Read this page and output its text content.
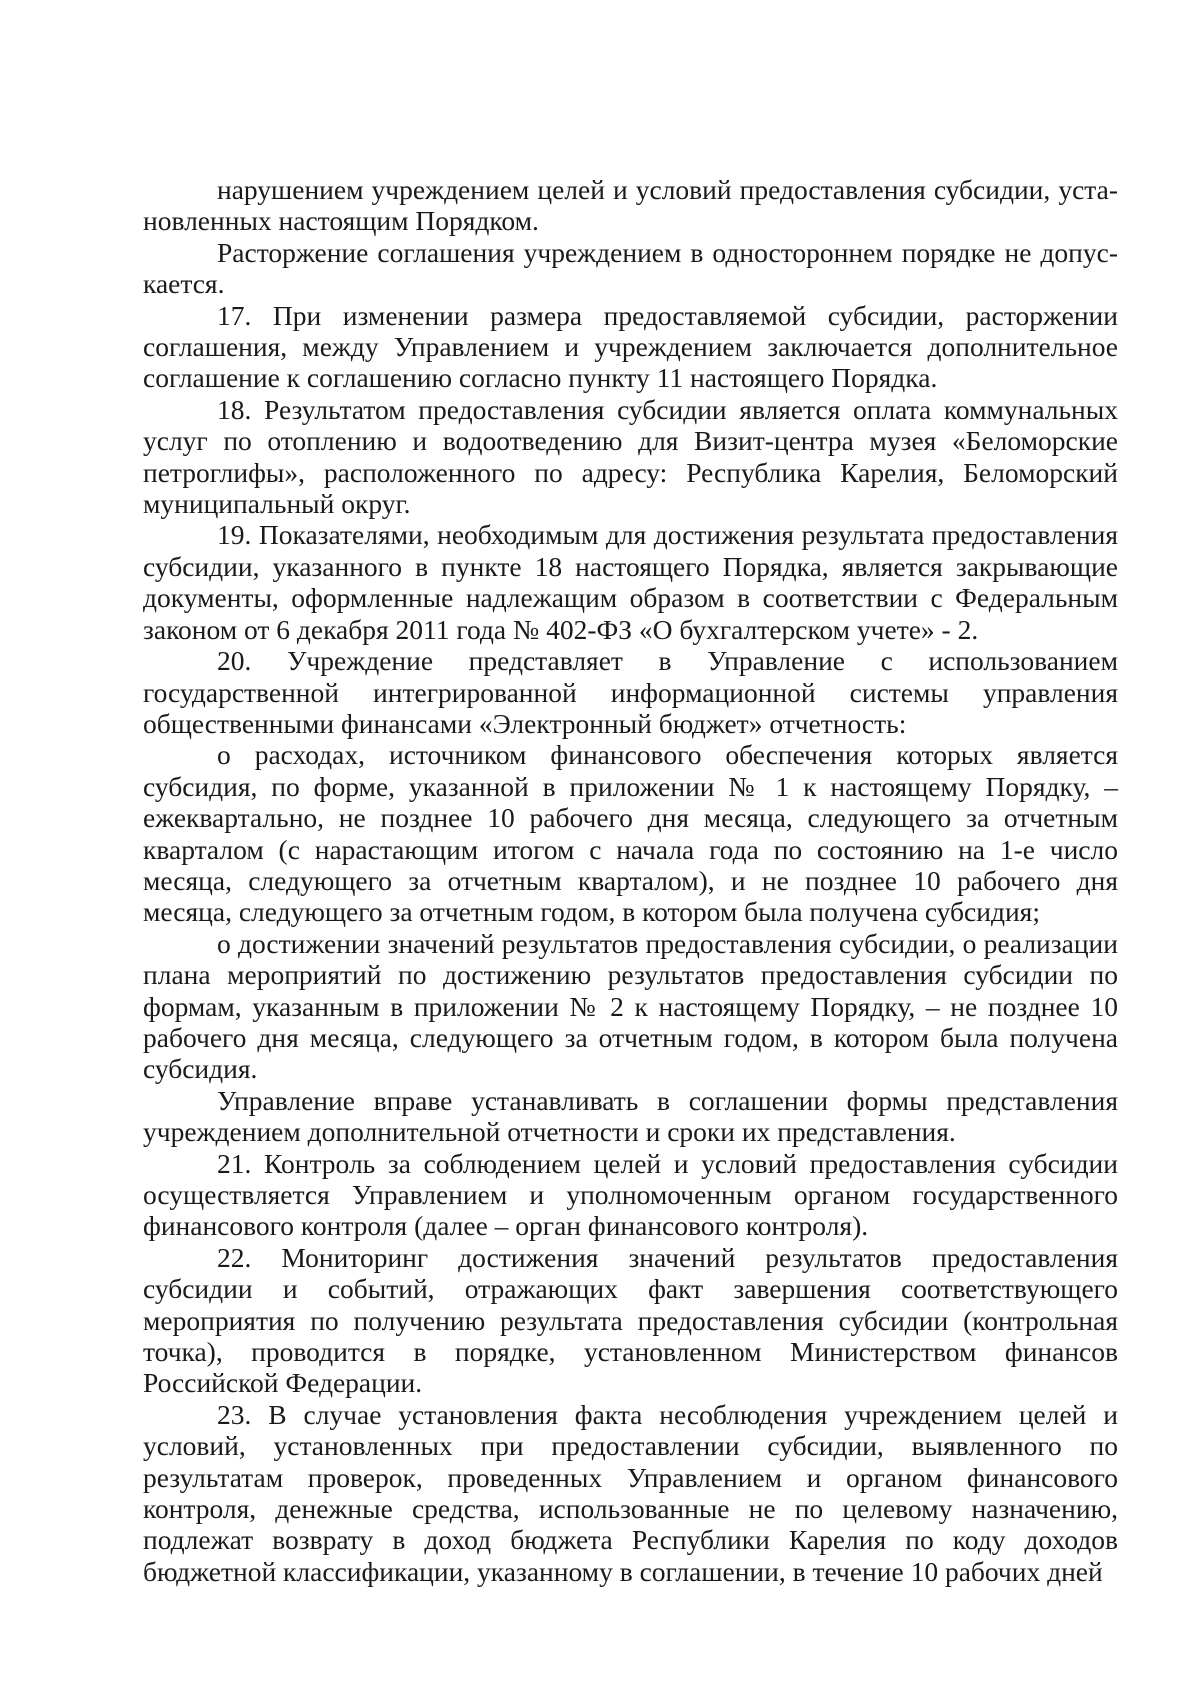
нарушением учреждением целей и условий предоставления субсидии, уста-новленных настоящим Порядком.

Расторжение соглашения учреждением в одностороннем порядке не допус-кается.

17. При изменении размера предоставляемой субсидии, расторжении соглашения, между Управлением и учреждением заключается дополнительное соглашение к соглашению согласно пункту 11 настоящего Порядка.

18. Результатом предоставления субсидии является оплата коммунальных услуг по отоплению и водоотведению для Визит-центра музея «Беломорские петроглифы», расположенного по адресу: Республика Карелия, Беломорский муниципальный округ.

19. Показателями, необходимым для достижения результата предоставления субсидии, указанного в пункте 18 настоящего Порядка, является закрывающие документы, оформленные надлежащим образом в соответствии с Федеральным законом от 6 декабря 2011 года № 402-ФЗ «О бухгалтерском учете» - 2.

20. Учреждение представляет в Управление с использованием государственной интегрированной информационной системы управления общественными финансами «Электронный бюджет» отчетность:

о расходах, источником финансового обеспечения которых является субсидия, по форме, указанной в приложении № 1 к настоящему Порядку, – ежеквартально, не позднее 10 рабочего дня месяца, следующего за отчетным кварталом (с нарастающим итогом с начала года по состоянию на 1-е число месяца, следующего за отчетным кварталом), и не позднее 10 рабочего дня месяца, следующего за отчетным годом, в котором была получена субсидия;

о достижении значений результатов предоставления субсидии, о реализации плана мероприятий по достижению результатов предоставления субсидии по формам, указанным в приложении № 2 к настоящему Порядку, – не позднее 10 рабочего дня месяца, следующего за отчетным годом, в котором была получена субсидия.

Управление вправе устанавливать в соглашении формы представления учреждением дополнительной отчетности и сроки их представления.

21. Контроль за соблюдением целей и условий предоставления субсидии осуществляется Управлением и уполномоченным органом государственного финансового контроля (далее – орган финансового контроля).

22. Мониторинг достижения значений результатов предоставления субсидии и событий, отражающих факт завершения соответствующего мероприятия по получению результата предоставления субсидии (контрольная точка), проводится в порядке, установленном Министерством финансов Российской Федерации.

23. В случае установления факта несоблюдения учреждением целей и условий, установленных при предоставлении субсидии, выявленного по результатам проверок, проведенных Управлением и органом финансового контроля, денежные средства, использованные не по целевому назначению, подлежат возврату в доход бюджета Республики Карелия по коду доходов бюджетной классификации, указанному в соглашении, в течение 10 рабочих дней
